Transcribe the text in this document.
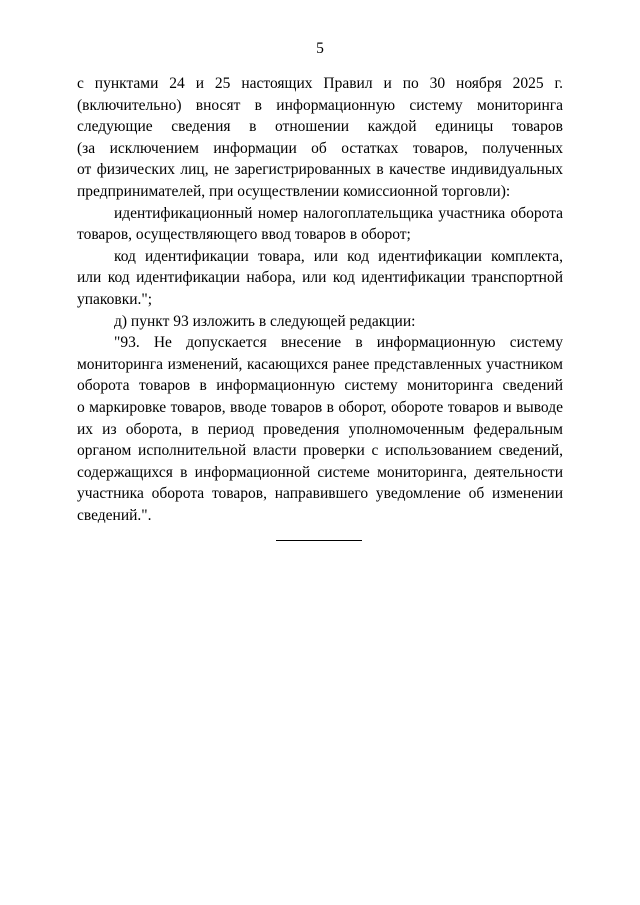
5
с пунктами 24 и 25 настоящих Правил и по 30 ноября 2025 г.
(включительно) вносят в информационную систему мониторинга
следующие сведения в отношении каждой единицы товаров
(за исключением информации об остатках товаров, полученных
от физических лиц, не зарегистрированных в качестве индивидуальных
предпринимателей, при осуществлении комиссионной торговли):
идентификационный номер налогоплательщика участника оборота
товаров, осуществляющего ввод товаров в оборот;
код идентификации товара, или код идентификации комплекта,
или код идентификации набора, или код идентификации транспортной
упаковки.";
д) пункт 93 изложить в следующей редакции:
"93. Не допускается внесение в информационную систему
мониторинга изменений, касающихся ранее представленных участником
оборота товаров в информационную систему мониторинга сведений
о маркировке товаров, вводе товаров в оборот, обороте товаров и выводе
их из оборота, в период проведения уполномоченным федеральным
органом исполнительной власти проверки с использованием сведений,
содержащихся в информационной системе мониторинга, деятельности
участника оборота товаров, направившего уведомление об изменении
сведений.".
